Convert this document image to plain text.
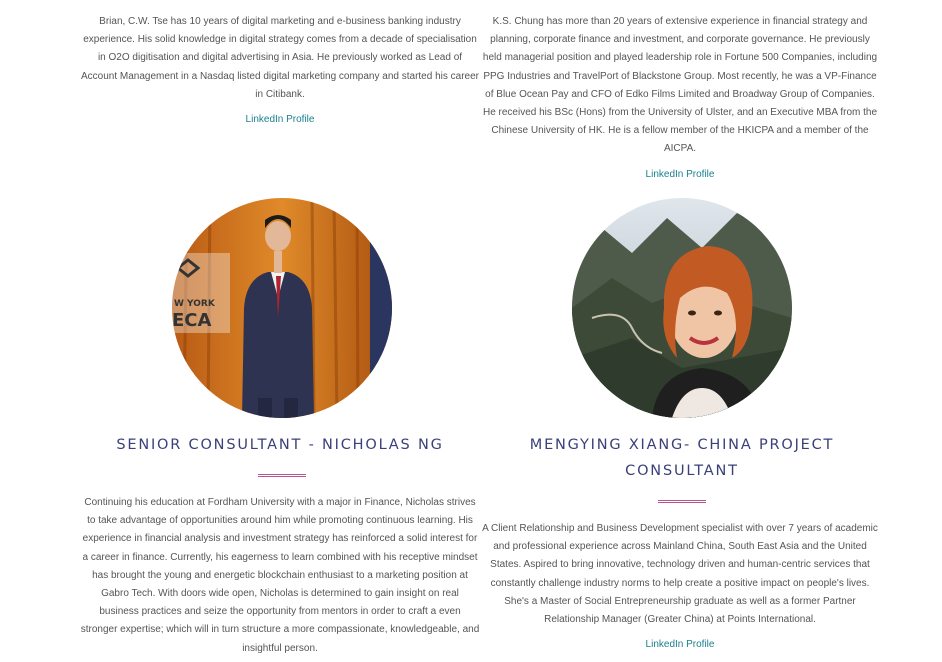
Brian, C.W. Tse has 10 years of digital marketing and e-business banking industry experience. His solid knowledge in digital strategy comes from a decade of specialisation in O2O digitisation and digital advertising in Asia. He previously worked as Lead of Account Management in a Nasdaq listed digital marketing company and started his career in Citibank.

LinkedIn Profile

K.S. Chung has more than 20 years of extensive experience in financial strategy and planning, corporate finance and investment, and corporate governance. He previously held managerial position and played leadership role in Fortune 500 Companies, including PPG Industries and TravelPort of Blackstone Group. Most recently, he was a VP-Finance of Blue Ocean Pay and CFO of Edko Films Limited and Broadway Group of Companies. He received his BSc (Hons) from the University of Ulster, and an Executive MBA from the Chinese University of HK. He is a fellow member of the HKICPA and a member of the AICPA.

LinkedIn Profile
W YORK
ECA
SENIOR CONSULTANT - NICHOLAS NG	MENGYING XIANG- CHINA PROJECT CONSULTANT

Continuing his education at Fordham University with a major in Finance, Nicholas strives to take advantage of opportunities around him while promoting continuous learning. His experience in financial analysis and investment strategy has reinforced a solid interest for a career in finance. Currently, his eagerness to learn combined with his receptive mindset has brought the young and energetic blockchain enthusiast to a marketing position at Gabro Tech. With doors wide open, Nicholas is determined to gain insight on real business practices and seize the opportunity from mentors in order to craft a even stronger expertise; which will in turn structure a more compassionate, knowledgeable, and insightful person.

A Client Relationship and Business Development specialist with over 7 years of academic and professional experience across Mainland China, South East Asia and the United States. Aspired to bring innovative, technology driven and human-centric services that constantly challenge industry norms to help create a positive impact on people's lives. She's a Master of Social Entrepreneurship graduate as well as a former Partner Relationship Manager (Greater China) at Points International.

LinkedIn Profile
